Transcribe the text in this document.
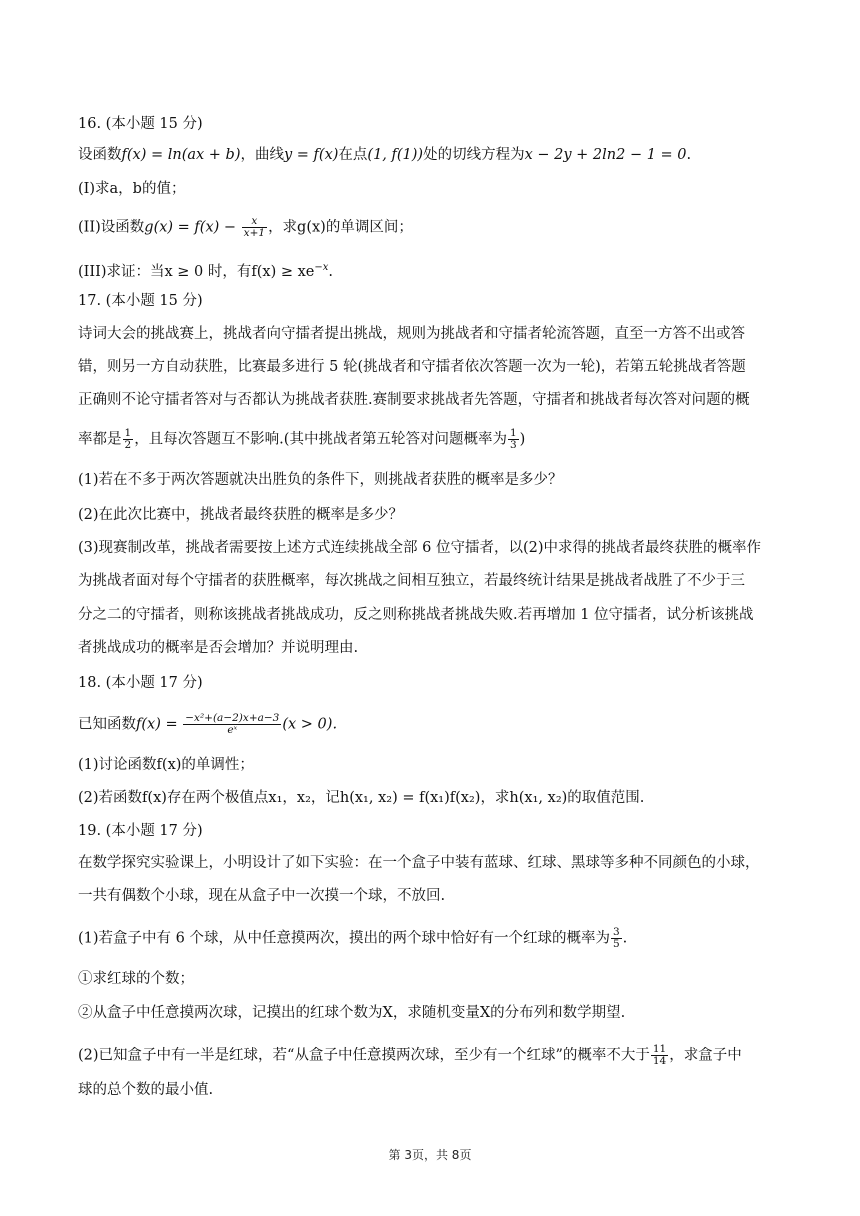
16. (本小题 15 分)
设函数f(x) = ln(ax + b)，曲线y = f(x)在点(1, f(1))处的切线方程为x − 2y + 2ln2 − 1 = 0.
(I)求a，b的值；
(II)设函数$g(x) = f(x) - \frac{x}{x+1}$ ，求g(x)的单调区间；
(III)求证：当x ≥ 0 时，有$f(x) \ge xe^{-x}$.
17. (本小题 15 分)
诗词大会的挑战赛上，挑战者向守擂者提出挑战，规则为挑战者和守擂者轮流答题，直至一方答不出或答
错，则另一方自动获胜，比赛最多进行 5 轮(挑战者和守擂者依次答题一次为一轮)，若第五轮挑战者答题
正确则不论守擂者答对与否都认为挑战者获胜.赛制要求挑战者先答题，守擂者和挑战者每次答对问题的概
率都是 $\frac{1}{2}$ ，且每次答题互不影响.(其中挑战者第五轮答对问题概率为 $\frac{1}{3}$ )
(1)若在不多于两次答题就决出胜负的条件下，则挑战者获胜的概率是多少？
(2)在此次比赛中，挑战者最终获胜的概率是多少？
(3)现赛制改革，挑战者需要按上述方式连续挑战全部 6 位守擂者，以(2)中求得的挑战者最终获胜的概率作
为挑战者面对每个守擂者的获胜概率，每次挑战之间相互独立，若最终统计结果是挑战者战胜了不少于三
分之二的守擂者，则称该挑战者挑战成功，反之则称挑战者挑战失败.若再增加 1 位守擂者，试分析该挑战
者挑战成功的概率是否会增加？并说明理由.
18. (本小题 17 分)
已知函数$f(x) = \frac{\text{−x²+(a−2)x+a−3}}{\text{eˣ}} (x > 0)$.
(1)讨论函数f(x)的单调性；
(2)若函数f(x)存在两个极值点x₁，x₂，记h(x₁, x₂) = f(x₁)f(x₂)，求h(x₁, x₂)的取值范围.
19. (本小题 17 分)
在数学探究实验课上，小明设计了如下实验：在一个盒子中装有蓝球、红球、黑球等多种不同颜色的小球，
一共有偶数个小球，现在从盒子中一次摸一个球，不放回.
(1)若盒子中有 6 个球，从中任意摸两次，摸出的两个球中恰好有一个红球的概率为 $\frac{3}{5}$ .
①求红球的个数；
②从盒子中任意摸两次球，记摸出的红球个数为X，求随机变量X的分布列和数学期望.
(2)已知盒子中有一半是红球，若“从盒子中任意摸两次球，至少有一个红球”的概率不大于 $\frac{11}{14}$ ，求盒子中
球的总个数的最小值.
第 3页，共 8页
